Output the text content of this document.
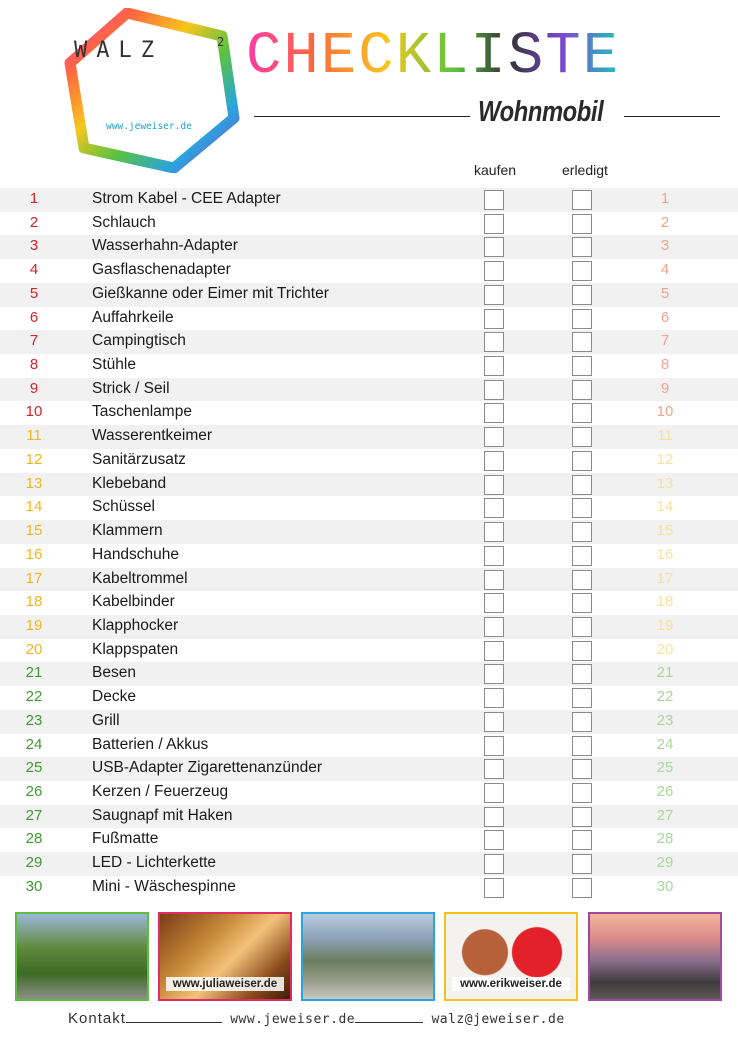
WALZ	2
www.jeweiser.de
CHECKLISTE
Wohnmobil
kaufen	erledigt
1	Strom Kabel - CEE Adapter	1
2	Schlauch	2
3	Wasserhahn-Adapter	3
4	Gasflaschenadapter	4
5	Gießkanne oder Eimer mit Trichter	5
6	Auffahrkeile	6
7	Campingtisch	7
8	Stühle	8
9	Strick / Seil	9
10	Taschenlampe	10
11	Wasserentkeimer	11
12	Sanitärzusatz	12
13	Klebeband	13
14	Schüssel	14
15	Klammern	15
16	Handschuhe	16
17	Kabeltrommel	17
18	Kabelbinder	18
19	Klapphocker	19
20	Klappspaten	20
21	Besen	21
22	Decke	22
23	Grill	23
24	Batterien / Akkus	24
25	USB-Adapter Zigarettenanzünder	25
26	Kerzen / Feuerzeug	26
27	Saugnapf mit Haken	27
28	Fußmatte	28
29	LED - Lichterkette	29
30	Mini - Wäschespinne	30
www.juliaweiser.de	www.erikweiser.de
Kontakt	www.jeweiser.de	walz@jeweiser.de
